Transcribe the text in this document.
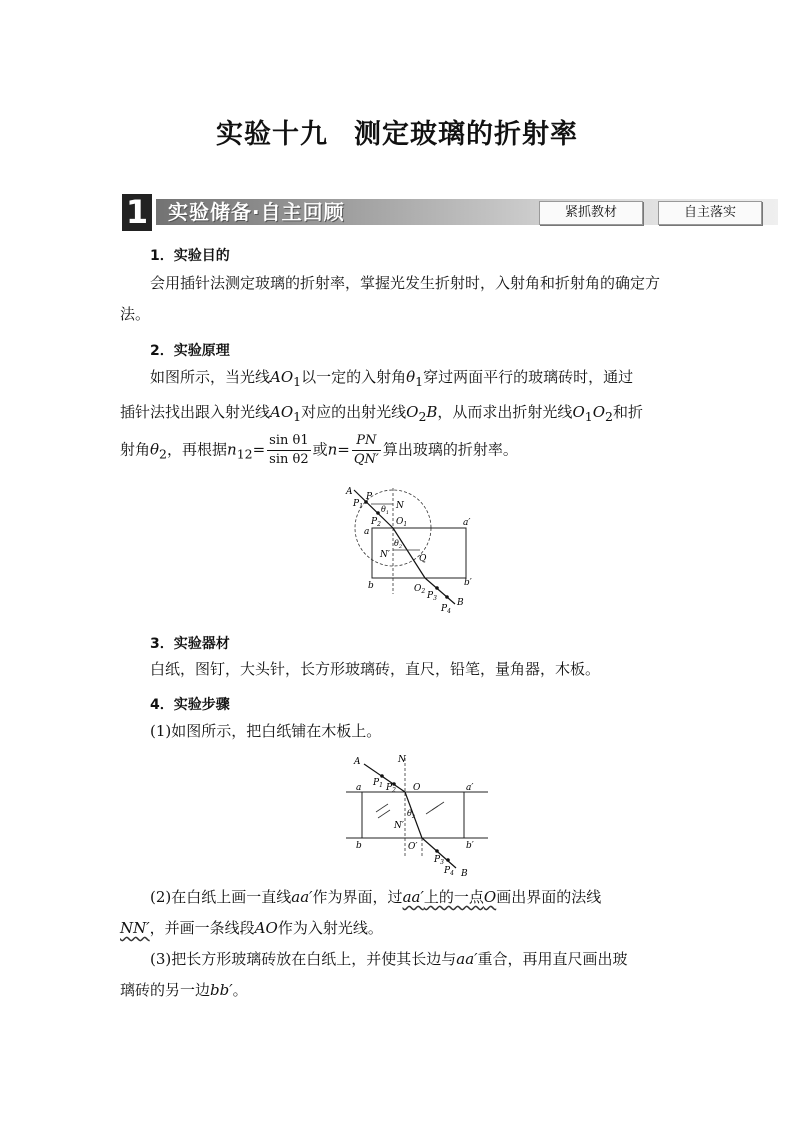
实验十九 测定玻璃的折射率
1 实验储备·自主回顾	紧抓教材	自主落实
1．实验目的
会用插针法测定玻璃的折射率，掌握光发生折射时，入射角和折射角的确定方法。
2．实验原理
如图所示，当光线$AO_1$以一定的入射角$\theta_1$穿过两面平行的玻璃砖时，通过
插针法找出跟入射光线$AO_1$对应的出射光线$O_2B$，从而求出折射光线$O_1O_2$和折
射角$\theta_2$，再根据$n_{12}= \frac{\text{sin θ1}}{\text{sin θ2}}$ 或$n= \frac{PN}{QN'}$ 算出玻璃的折射率。
A P
$P_1$	N
$\theta_1$
$P_2$ $O_1$
a
a′
$\theta_2$
N′	Q
b	b′
$O_2$ $P_3$ B
$P_4$
3．实验器材
白纸，图钉，大头针，长方形玻璃砖，直尺，铅笔，量角器，木板。
4．实验步骤
(1)如图所示，把白纸铺在木板上。
A	N
$P_1$ $P_2$ O
a	a′
$\theta_2$
N′
b	O′	b′
$P_3$
$P_4$ B
(2)在白纸上画一直线aa′作为界面，过aa′上的一点O画出界面的法线
NN′，并画一条线段AO作为入射光线。
(3)把长方形玻璃砖放在白纸上，并使其长边与aa′重合，再用直尺画出玻
璃砖的另一边bb′。
